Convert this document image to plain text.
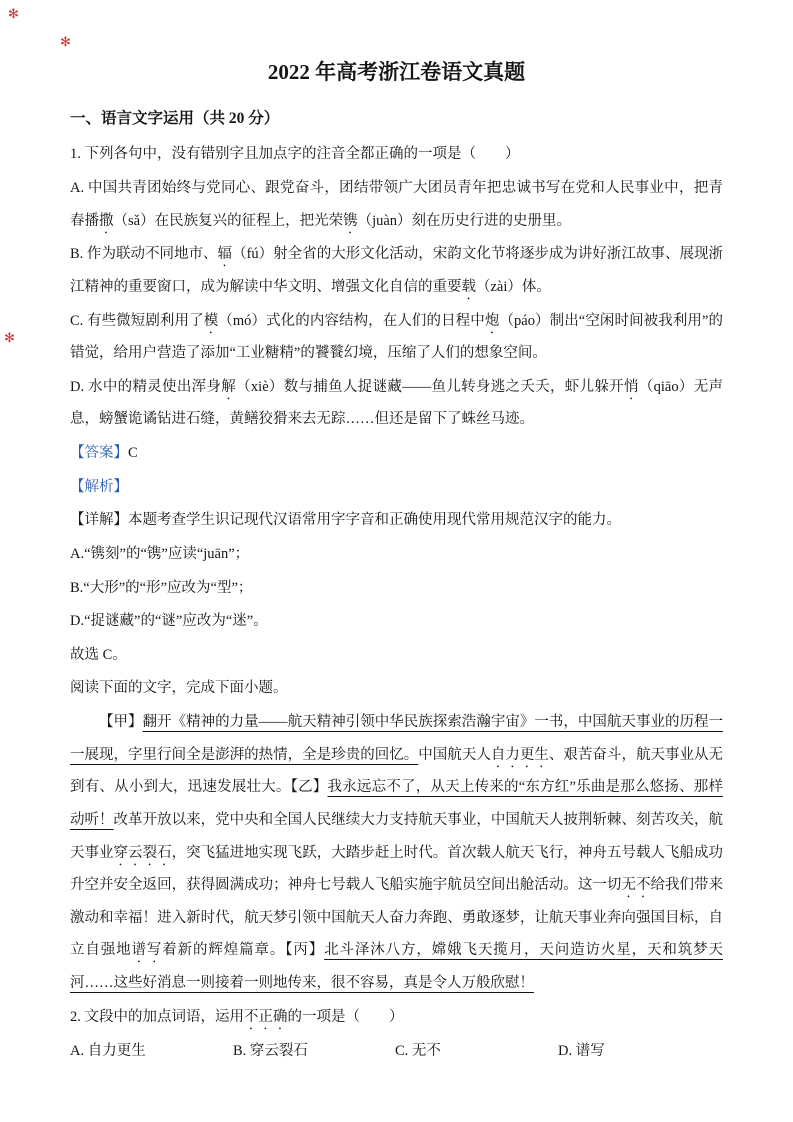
✻
✻
✻
2022 年高考浙江卷语文真题
一、语言文字运用（共 20 分）

1. 下列各句中，没有错别字且加点字的注音全都正确的一项是（　　）

A. 中国共青团始终与党同心、跟党奋斗，团结带领广大团员青年把忠诚书写在党和人民事业中，把青春播撒（sǎ）在民族复兴的征程上，把光荣镌（juàn）刻在历史行进的史册里。

B. 作为联动不同地市、辐（fú）射全省的大形文化活动，宋韵文化节将逐步成为讲好浙江故事、展现浙江精神的重要窗口，成为解读中华文明、增强文化自信的重要载（zài）体。

C. 有些微短剧利用了模（mó）式化的内容结构，在人们的日程中炮（páo）制出“空闲时间被我利用”的错觉，给用户营造了添加“工业糖精”的饕餮幻境，压缩了人们的想象空间。

D. 水中的精灵使出浑身解（xiè）数与捕鱼人捉谜藏——鱼儿转身逃之夭夭，虾儿躲开悄（qiāo）无声息，螃蟹诡谲钻进石缝，黄鳝狡猾来去无踪……但还是留下了蛛丝马迹。

【答案】C

【解析】

【详解】本题考查学生识记现代汉语常用字字音和正确使用现代常用规范汉字的能力。

A.“镌刻”的“镌”应读“juān”；

B.“大形”的“形”应改为“型”；

D.“捉谜藏”的“谜”应改为“迷”。

故选 C。

阅读下面的文字，完成下面小题。

【甲】翻开《精神的力量——航天精神引领中华民族探索浩瀚宇宙》一书，中国航天事业的历程一一展现，字里行间全是澎湃的热情，全是珍贵的回忆。中国航天人自力更生、艰苦奋斗，航天事业从无到有、从小到大，迅速发展壮大。【乙】我永远忘不了，从天上传来的“东方红”乐曲是那么悠扬、那样动听！改革开放以来，党中央和全国人民继续大力支持航天事业，中国航天人披荆斩棘、刻苦攻关，航天事业穿云裂石，突飞猛进地实现飞跃，大踏步赶上时代。首次载人航天飞行，神舟五号载人飞船成功升空并安全返回，获得圆满成功；神舟七号载人飞船实施宇航员空间出舱活动。这一切无不给我们带来激动和幸福！进入新时代，航天梦引领中国航天人奋力奔跑、勇敢逐梦，让航天事业奔向强国目标，自立自强地谱写着新的辉煌篇章。【丙】北斗泽沐八方，嫦娥飞天揽月，天问造访火星，天和筑梦天河……这些好消息一则接着一则地传来，很不容易，真是令人万般欣慰！

2. 文段中的加点词语，运用不正确的一项是（　　）

A. 自力更生	B. 穿云裂石	C. 无不	D. 谱写
